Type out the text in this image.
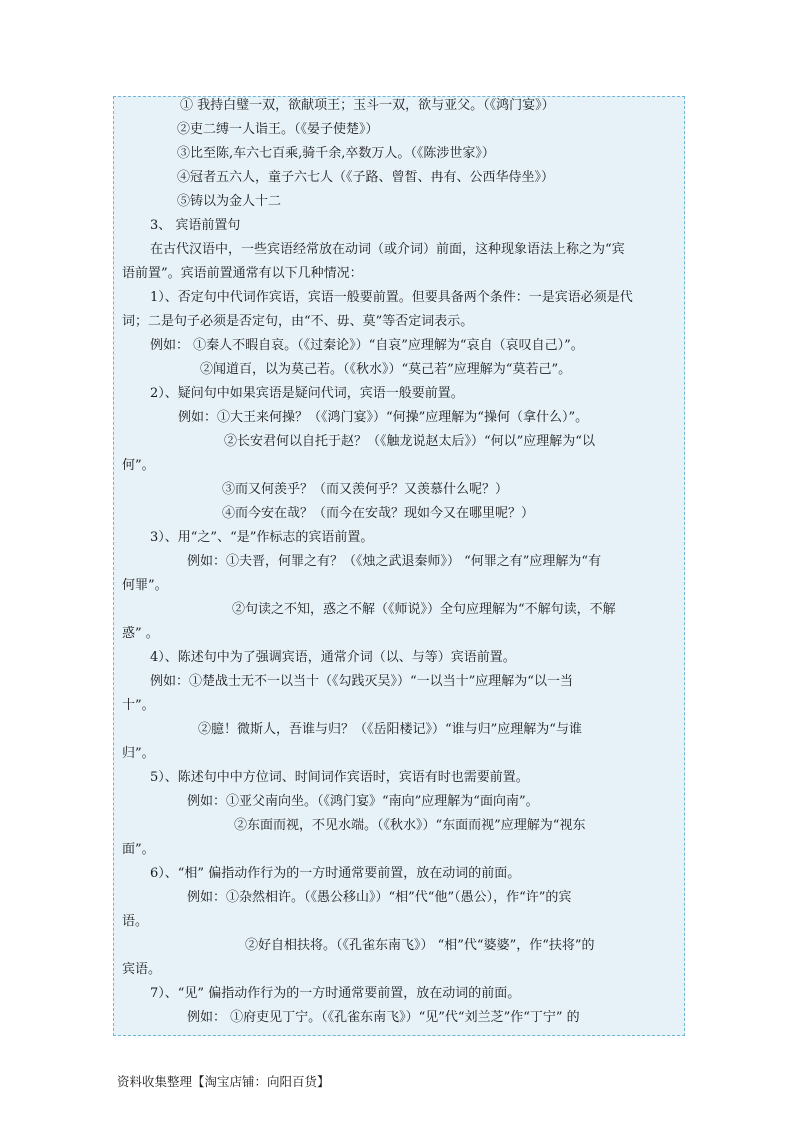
① 我持白璧一双，欲献项王；玉斗一双，欲与亚父。（《鸿门宴》）
②吏二缚一人诣王。（《晏子使楚》）
③比至陈,车六七百乘,骑千余,卒数万人。（《陈涉世家》）
④冠者五六人，童子六七人（《子路、曾皙、冉有、公西华侍坐》）
⑤铸以为金人十二
3、 宾语前置句
在古代汉语中，一些宾语经常放在动词（或介词）前面，这种现象语法上称之为“宾
语前置”。宾语前置通常有以下几种情况：
1）、否定句中代词作宾语，宾语一般要前置。但要具备两个条件：一是宾语必须是代
词；二是句子必须是否定句，由“不、毋、莫”等否定词表示。
例如： ①秦人不暇自哀。（《过秦论》）“自哀”应理解为“哀自（哀叹自己）”。
②闻道百，以为莫己若。（《秋水》）“莫己若”应理解为“莫若己”。
2）、疑问句中如果宾语是疑问代词，宾语一般要前置。
例如：①大王来何操？（《鸿门宴》）“何操”应理解为“操何（拿什么）”。
②长安君何以自托于赵？（《触龙说赵太后》）“何以”应理解为“以
何”。
③而又何羡乎？（而又羡何乎？又羡慕什么呢？）
④而今安在哉？（而今在安哉？现如今又在哪里呢？）
3）、用“之”、“是”作标志的宾语前置。
例如：①夫晋，何罪之有？（《烛之武退秦师》） “何罪之有”应理解为“有
何罪”。
②句读之不知，惑之不解（《师说》）全句应理解为“不解句读，不解
惑” 。
4）、陈述句中为了强调宾语，通常介词（以、与等）宾语前置。
例如：①楚战士无不一以当十（《勾践灭吴》）“一以当十”应理解为“以一当
十”。
②臆！微斯人，吾谁与归？（《岳阳楼记》）“谁与归”应理解为“与谁
归”。
5）、陈述句中中方位词、时间词作宾语时，宾语有时也需要前置。
例如：①亚父南向坐。（《鸿门宴》“南向”应理解为“面向南”。
②东面而视，不见水端。（《秋水》）“东面而视”应理解为“视东
面”。
6）、“相” 偏指动作行为的一方时通常要前置，放在动词的前面。
例如：①杂然相许。（《愚公移山》）“相”代“他”（愚公），作“许”的宾
语。
②好自相扶将。（《孔雀东南飞》） “相”代“婆婆”，作“扶将”的
宾语。
7）、“见” 偏指动作行为的一方时通常要前置，放在动词的前面。
例如： ①府吏见丁宁。（《孔雀东南飞》）“见”代“刘兰芝”作“丁宁” 的
资料收集整理【淘宝店铺：向阳百货】
